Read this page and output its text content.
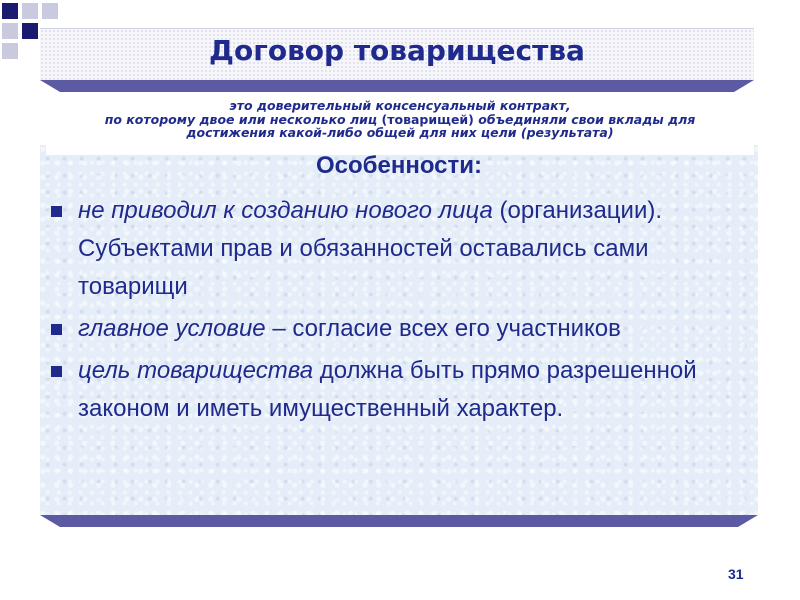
Договор товарищества
это доверительный консенсуальный контракт,
по которому двое или несколько лиц (товарищей) объединяли свои вклады для
достижения какой-либо общей для них цели (результата)
Особенности:
не приводил к созданию нового лица (организации). Субъектами прав и обязанностей оставались сами товарищи
главное условие – согласие всех его участников
цель товарищества должна быть прямо разрешенной законом и иметь имущественный характер.
31
